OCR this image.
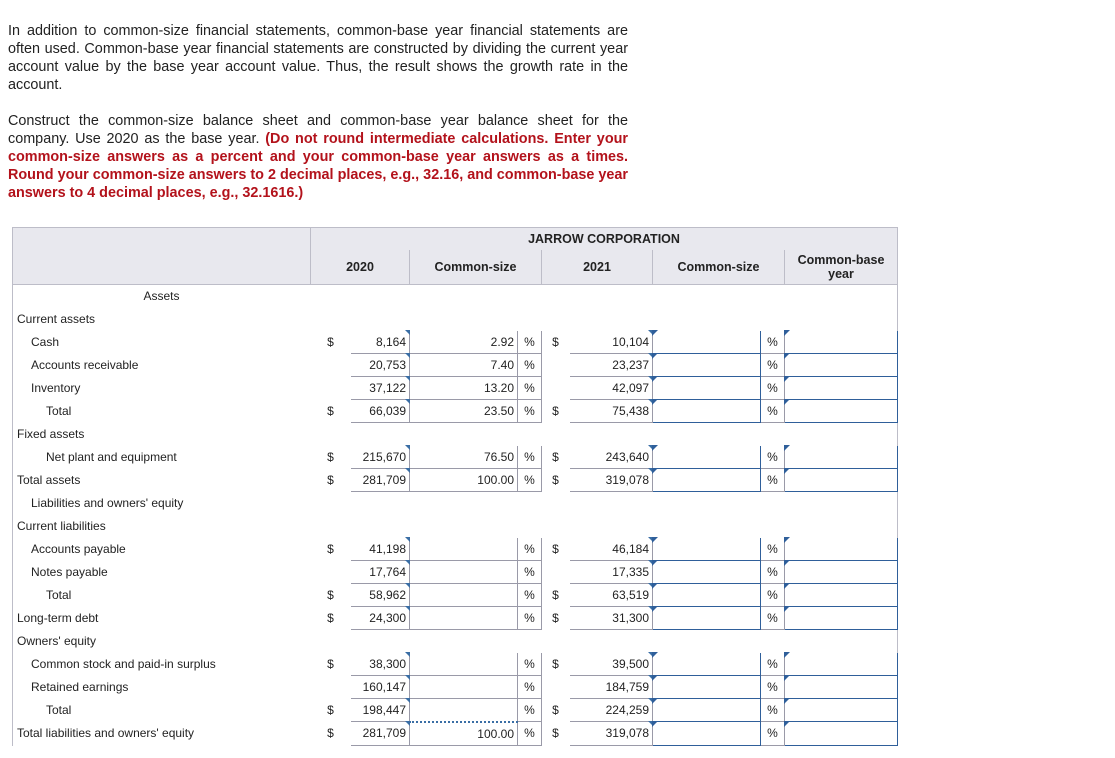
In addition to common-size financial statements, common-base year financial statements are often used. Common-base year financial statements are constructed by dividing the current year account value by the base year account value. Thus, the result shows the growth rate in the account.

Construct the common-size balance sheet and common-base year balance sheet for the company. Use 2020 as the base year. (Do not round intermediate calculations. Enter your common-size answers as a percent and your common-base year answers as a times. Round your common-size answers to 2 decimal places, e.g., 32.16, and common-base year answers to 4 decimal places, e.g., 32.1616.)

	JARROW CORPORATION								
	2020		Common-size		2021		Common-size		Common-base year
Assets									
Current assets									
Cash	$	8,164	2.92	%	$	10,104		%	
Accounts receivable		20,753	7.40	%		23,237		%	
Inventory		37,122	13.20	%		42,097		%	
Total	$	66,039	23.50	%	$	75,438		%	
Fixed assets									
Net plant and equipment	$	215,670	76.50	%	$	243,640		%	
Total assets	$	281,709	100.00	%	$	319,078		%	
Liabilities and owners' equity									
Current liabilities									
Accounts payable	$	41,198		%	$	46,184		%	
Notes payable		17,764		%		17,335		%	
Total	$	58,962		%	$	63,519		%	
Long-term debt	$	24,300		%	$	31,300		%	
Owners' equity									
Common stock and paid-in surplus	$	38,300		%	$	39,500		%	
Retained earnings		160,147		%		184,759		%	
Total	$	198,447		%	$	224,259		%	
Total liabilities and owners' equity	$	281,709	100.00	%	$	319,078		%	
